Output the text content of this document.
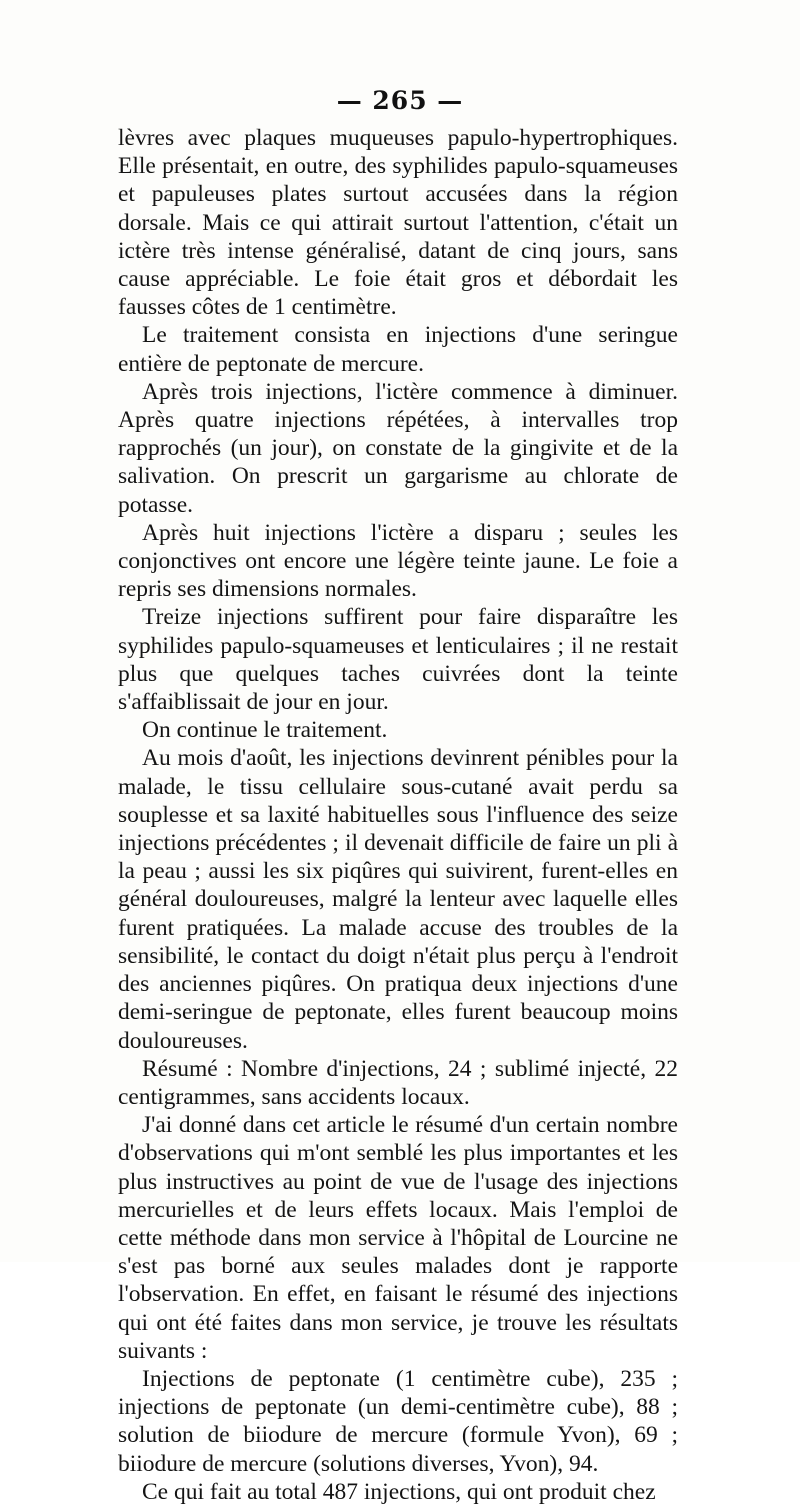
— 265 —

lèvres avec plaques muqueuses papulo-hypertrophiques. Elle présentait, en outre, des syphilides papulo-squameuses et papuleuses plates surtout accusées dans la région dorsale. Mais ce qui attirait surtout l'attention, c'était un ictère très intense généralisé, datant de cinq jours, sans cause appréciable. Le foie était gros et débordait les fausses côtes de 1 centimètre.

Le traitement consista en injections d'une seringue entière de peptonate de mercure.

Après trois injections, l'ictère commence à diminuer. Après quatre injections répétées, à intervalles trop rapprochés (un jour), on constate de la gingivite et de la salivation. On prescrit un gargarisme au chlorate de potasse.

Après huit injections l'ictère a disparu ; seules les conjonctives ont encore une légère teinte jaune. Le foie a repris ses dimensions normales.

Treize injections suffirent pour faire disparaître les syphilides papulo-squameuses et lenticulaires ; il ne restait plus que quelques taches cuivrées dont la teinte s'affaiblissait de jour en jour.

On continue le traitement.

Au mois d'août, les injections devinrent pénibles pour la malade, le tissu cellulaire sous-cutané avait perdu sa souplesse et sa laxité habituelles sous l'influence des seize injections précédentes ; il devenait difficile de faire un pli à la peau ; aussi les six piqûres qui suivirent, furent-elles en général douloureuses, malgré la lenteur avec laquelle elles furent pratiquées. La malade accuse des troubles de la sensibilité, le contact du doigt n'était plus perçu à l'endroit des anciennes piqûres. On pratiqua deux injections d'une demi-seringue de peptonate, elles furent beaucoup moins douloureuses.

Résumé : Nombre d'injections, 24 ; sublimé injecté, 22 centigrammes, sans accidents locaux.

J'ai donné dans cet article le résumé d'un certain nombre d'observations qui m'ont semblé les plus importantes et les plus instructives au point de vue de l'usage des injections mercurielles et de leurs effets locaux. Mais l'emploi de cette méthode dans mon service à l'hôpital de Lourcine ne s'est pas borné aux seules malades dont je rapporte l'observation. En effet, en faisant le résumé des injections qui ont été faites dans mon service, je trouve les résultats suivants :

Injections de peptonate (1 centimètre cube), 235 ; injections de peptonate (un demi-centimètre cube), 88 ; solution de biiodure de mercure (formule Yvon), 69 ; biiodure de mercure (solutions diverses, Yvon), 94.

Ce qui fait au total 487 injections, qui ont produit chez
